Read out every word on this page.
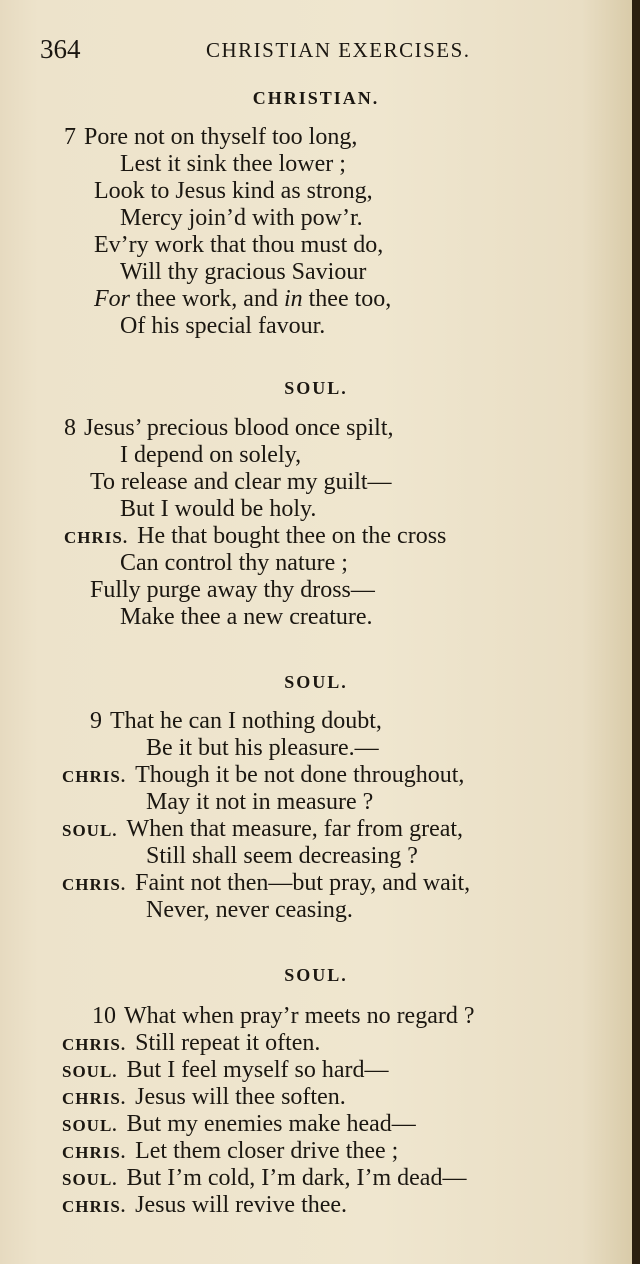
364	CHRISTIAN EXERCISES.
CHRISTIAN.
7 Pore not on thyself too long,
Lest it sink thee lower ;
Look to Jesus kind as strong,
Mercy join’d with pow’r.
Ev’ry work that thou must do,
Will thy gracious Saviour
For thee work, and in thee too,
Of his special favour.
SOUL.
8 Jesus’ precious blood once spilt,
I depend on solely,
To release and clear my guilt—
But I would be holy.
CHRIS. He that bought thee on the cross
Can control thy nature ;
Fully purge away thy dross—
Make thee a new creature.
SOUL.
9 That he can I nothing doubt,
Be it but his pleasure.—
CHRIS. Though it be not done throughout,
May it not in measure ?
SOUL. When that measure, far from great,
Still shall seem decreasing ?
CHRIS. Faint not then—but pray, and wait,
Never, never ceasing.
SOUL.
10 What when pray’r meets no regard ?
CHRIS. Still repeat it often.
SOUL. But I feel myself so hard—
CHRIS. Jesus will thee soften.
SOUL. But my enemies make head—
CHRIS. Let them closer drive thee ;
SOUL. But I’m cold, I’m dark, I’m dead—
CHRIS. Jesus will revive thee.
